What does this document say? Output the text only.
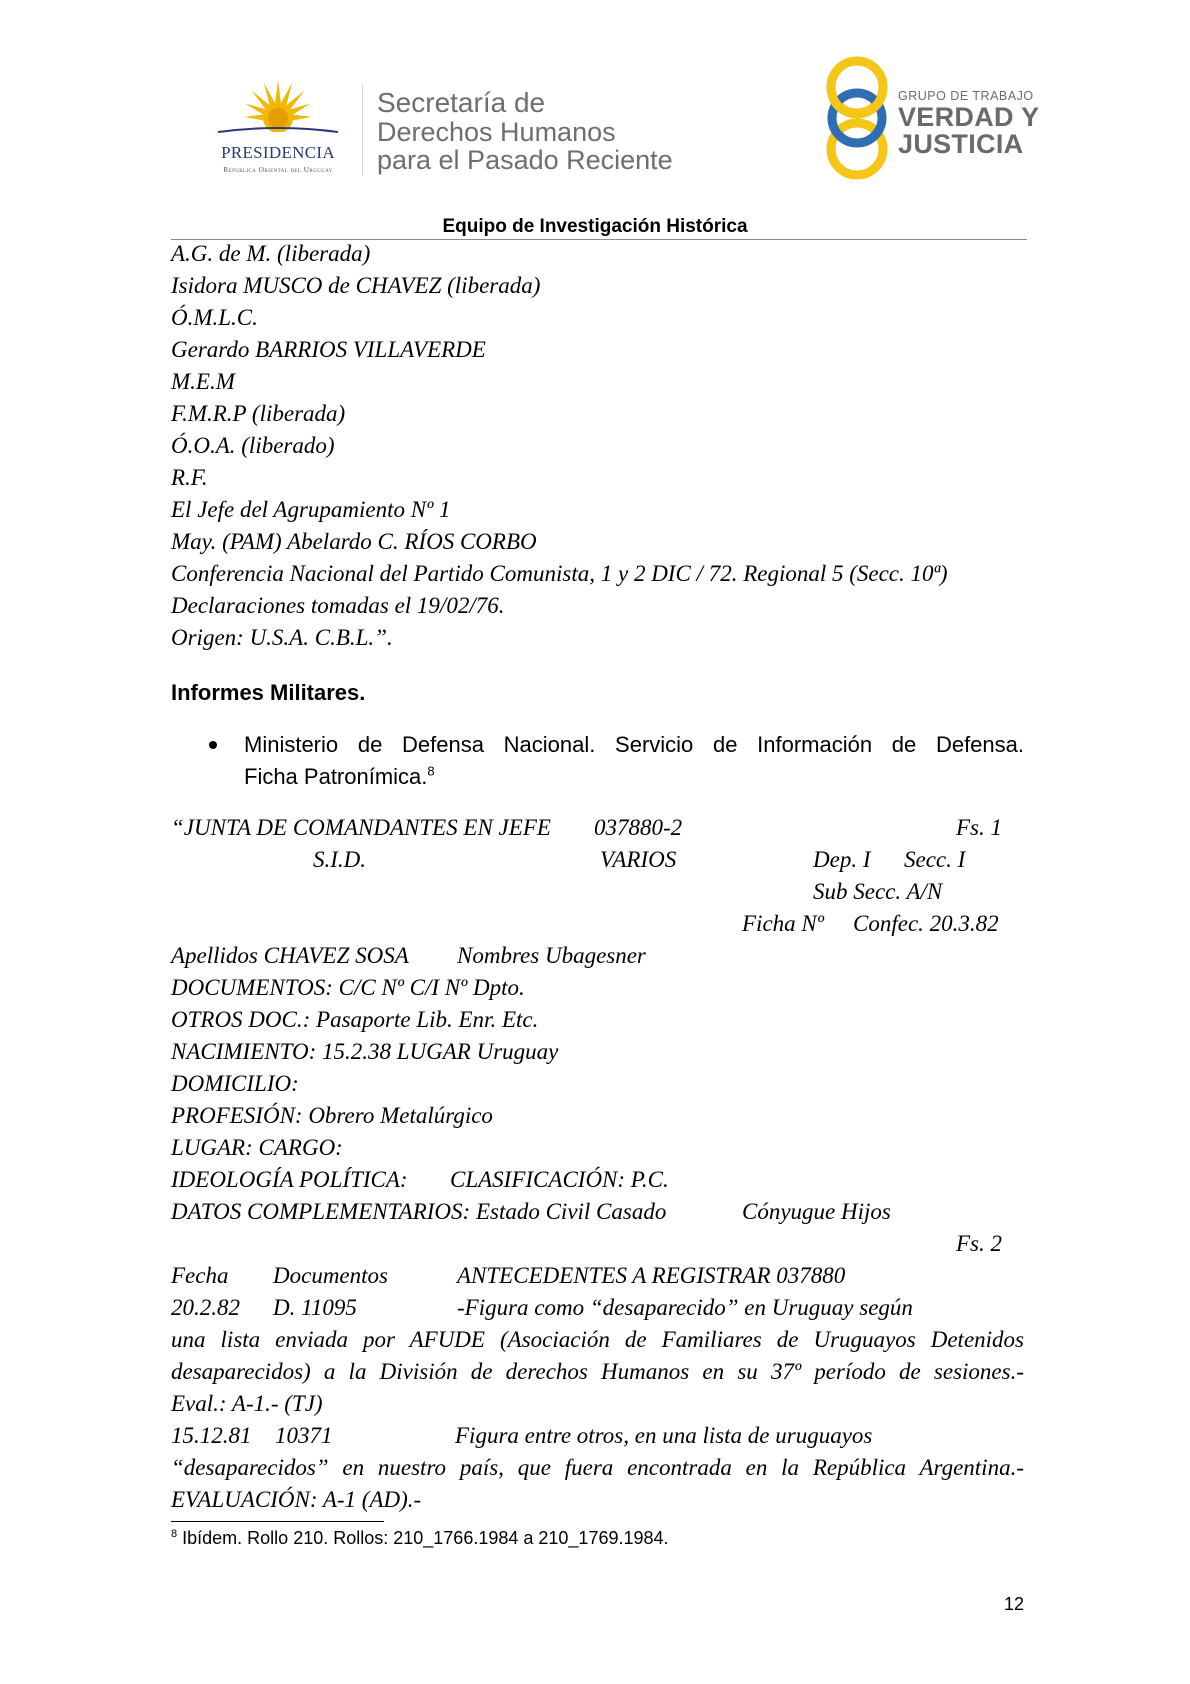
PRESIDENCIA
República Oriental del Uruguay
Secretaría de
Derechos Humanos
para el Pasado Reciente
GRUPO DE TRABAJO
VERDAD Y
JUSTICIA
Equipo de Investigación Histórica
A.G. de M. (liberada)
Isidora MUSCO de CHAVEZ (liberada)
Ó.M.L.C.
Gerardo BARRIOS VILLAVERDE
M.E.M
F.M.R.P (liberada)
Ó.O.A. (liberado)
R.F.
El Jefe del Agrupamiento Nº 1
May. (PAM) Abelardo C. RÍOS CORBO
Conferencia Nacional del Partido Comunista, 1 y 2 DIC / 72. Regional 5 (Secc. 10ª)
Declaraciones tomadas el 19/02/76.
Origen: U.S.A. C.B.L.”.
Informes Militares.
Ministerio de Defensa Nacional. Servicio de Información de Defensa.
Ficha Patronímica.$^8$
“JUNTA DE COMANDANTES EN JEFE 037880-2	Fs. 1
S.I.D.	VARIOS	Dep. I Secc. I
Sub Secc. A/N
Ficha Nº Confec. 20.3.82
Apellidos CHAVEZ SOSA Nombres Ubagesner
DOCUMENTOS: C/C Nº C/I Nº Dpto.
OTROS DOC.: Pasaporte Lib. Enr. Etc.
NACIMIENTO: 15.2.38 LUGAR Uruguay
DOMICILIO:
PROFESIÓN: Obrero Metalúrgico
LUGAR: CARGO:
IDEOLOGÍA POLÍTICA: CLASIFICACIÓN: P.C.
DATOS COMPLEMENTARIOS: Estado Civil Casado	Cónyugue Hijos
Fs. 2
Fecha Documentos	ANTECEDENTES A REGISTRAR 037880
20.2.82 D. 11095	-Figura como “desaparecido” en Uruguay según
una lista enviada por AFUDE (Asociación de Familiares de Uruguayos Detenidos
desaparecidos) a la División de derechos Humanos en su 37º período de sesiones.-
Eval.: A-1.- (TJ)
15.12.81 10371	Figura entre otros, en una lista de uruguayos
“desaparecidos” en nuestro país, que fuera encontrada en la República Argentina.-
EVALUACIÓN: A-1 (AD).-
$^8$ Ibídem. Rollo 210. Rollos: 210_1766.1984 a 210_1769.1984.
12
